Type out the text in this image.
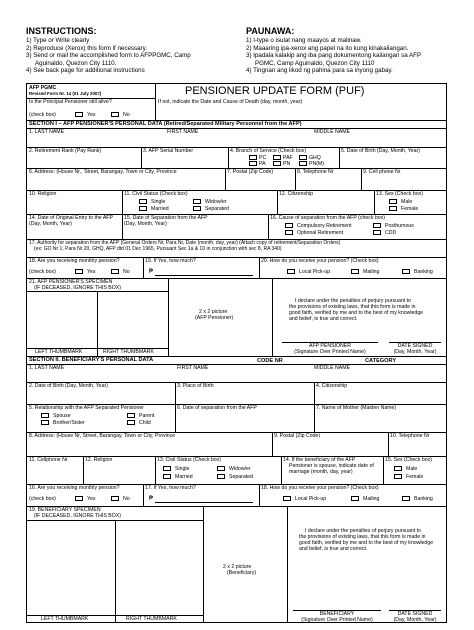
INSTRUCTIONS:
1) Type or Write clearly
2) Reproduce (Xerox) this form if necessary.
3) Send or mail the accomplished form to AFPPGMC, Camp
Aguinaldo, Quezon City 1110.
4) See back page for additional instructions
PAUNAWA:
1) I-type o isulat nang maayos at malinaw.
2) Maaaring ipa-xerox ang papel na ito kung kinakailangan.
3) Ipadala kalakip ang iba pang dokumentong kailangan sa AFP
PGMC, Camp Aguinaldo, Quezon City 1110
4) Tingnan ang likod ng pahina para sa inyong gabay.
AFP PGMC
Revised Form Nr. 14 (01 July 2007)	PENSIONER UPDATE FORM (PUF)
Is the Principal Pensioner still alive?	If not, indicate the Date and Cause of Death (day, month, year)
(check box)	Yes	No
SECTION I – AFP PENSIONER'S PERSONAL DATA (Retired/Separated Military Personnel from the AFP)
1. LAST NAME	FIRST NAME	MIDDLE NAME
2. Retirement Rank (Pay Rank)	3. AFP Serial Number	4. Branch of Service (Check box)	5. Date of Birth (Day, Month, Year)
PC	PAF	GHQ
PA	PN	PN(M)
6. Address: (House Nr., Street, Barangay, Town or City, Province	7. Postal (Zip Code)	8. Telephone Nr	9. Cell phone Nr
10. Religion	11. Civil Status (Check box)
Single
Married
Widow/er
Separated
12. Citizenship	13. Sex (Check box)
Male
Female
14. Date of Original Entry to the AFP
(Day, Month, Year)
15. Date of Separation from the AFP
(Day, Month, Year)
16. Cause of separation from the AFP (check box)
Compulsory Retirement
Optional Retirement
Posthumous
CDD
17. Authority for separation from the AFP (General Orders Nr, Para Nr, Date (month, day, year) (Attach copy of retirement/Separation Orders)
(ex: GO Nr 1, Para Nr 20, GHQ, AFP dtd 01 Dec 1965, Pursuant Sec 1a & 10 in conjunction with sec 8, RA 340)
18. Are you receiving monthly pension?
(check box)	Yes	No
19. If Yes, how much?
₱
20. How do you receive your pension? (Check box)
Local Pick-up	Mailing	Banking
21. AFP PENSIONER'S SPECIMEN
(IF DECEASED, IGNORE THIS BOX)
LEFT THUMBMARK	RIGHT THUMBMARK
2 x 2 picture
(AFP Pensioner)
I declare under the penalties of perjury pursuant to
the provisions of existing laws, that this form is made in
good faith, verified by me and to the best of my knowledge
and belief, is true and correct.
AFP PENSIONER
(Signature Over Printed Name)
DATE SIGNED
(Day, Month, Year)
SECTION II. BENEFICIARY'S PERSONAL DATA	CODE NR	CATEGORY
1. LAST NAME	FIRST NAME	MIDDLE NAME
2. Date of Birth (Day, Month, Year)	3. Place of Birth	4. Citizenship
5. Relationship with the AFP Separated Pensioner
Spouse
Brother/Sister
Parent
Child
6. Date of separation from the AFP	7. Name of Mother (Maiden Name)
8. Address: (House Nr, Street, Barangay, Town or City, Province	9. Postal (Zip Code)	10. Telephone Nr
11. Cellphone Nr	12. Religion	13. Civil Status (Check box)
Single
Married
Widow/er
Separated
14. If the beneficiary of the AFP
Pensioner is spouse, indicate date of
marriage (month, day, year)
15. Sex (Check box)
Male
Female
16. Are you receiving monthly pension?
(check box)	Yes	No
17. If Yes, how much?
₱
18. How do you receive your pension? (Check box)
Local Pick-up	Mailing	Banking
19. BENEFICIARY SPECIMEN
(IF DECEASED, IGNORE THIS BOX)
LEFT THUMBMARK	RIGHT THUMBMARK
2 x 2 picture
(Beneficiary)
I declare under the penalties of perjury pursuant to
the provisions of existing laws, that this form is made in
good faith, verified by me and to the best of my knowledge
and belief, is true and correct.
BENEFICIARY
(Signature Over Printed Name)
DATE SIGNED
(Day, Month, Year)
